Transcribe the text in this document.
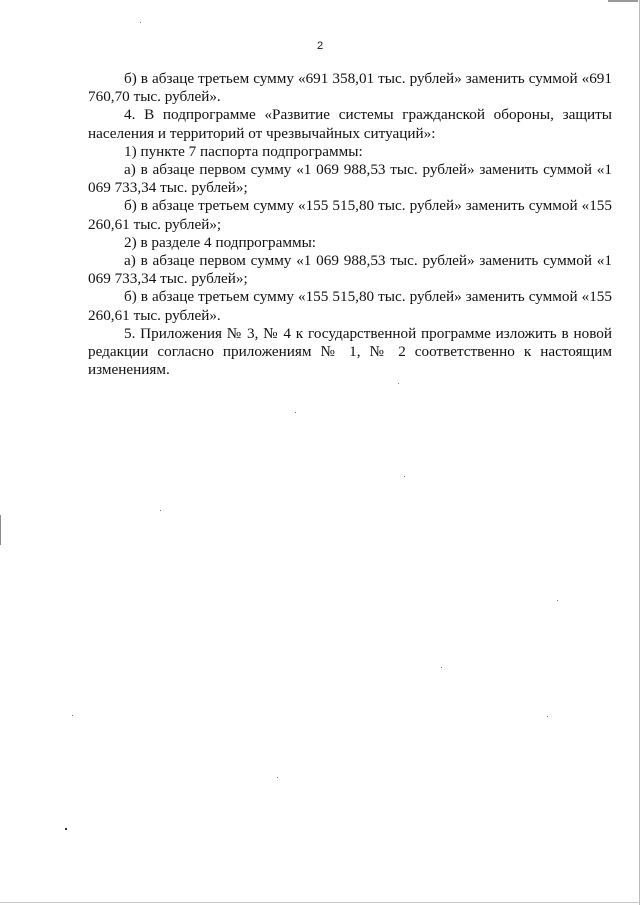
2

б) в абзаце третьем сумму «691 358,01 тыс. рублей» заменить суммой «691 760,70 тыс. рублей».

4. В подпрограмме «Развитие системы гражданской обороны, защиты населения и территорий от чрезвычайных ситуаций»:

1) пункте 7 паспорта подпрограммы:

а) в абзаце первом сумму «1 069 988,53 тыс. рублей» заменить суммой «1 069 733,34 тыс. рублей»;

б) в абзаце третьем сумму «155 515,80 тыс. рублей» заменить суммой «155 260,61 тыс. рублей»;

2) в разделе 4 подпрограммы:

а) в абзаце первом сумму «1 069 988,53 тыс. рублей» заменить суммой «1 069 733,34 тыс. рублей»;

б) в абзаце третьем сумму «155 515,80 тыс. рублей» заменить суммой «155 260,61 тыс. рублей».

5. Приложения № 3, № 4 к государственной программе изложить в новой редакции согласно приложениям № 1, № 2 соответственно к настоящим изменениям.
